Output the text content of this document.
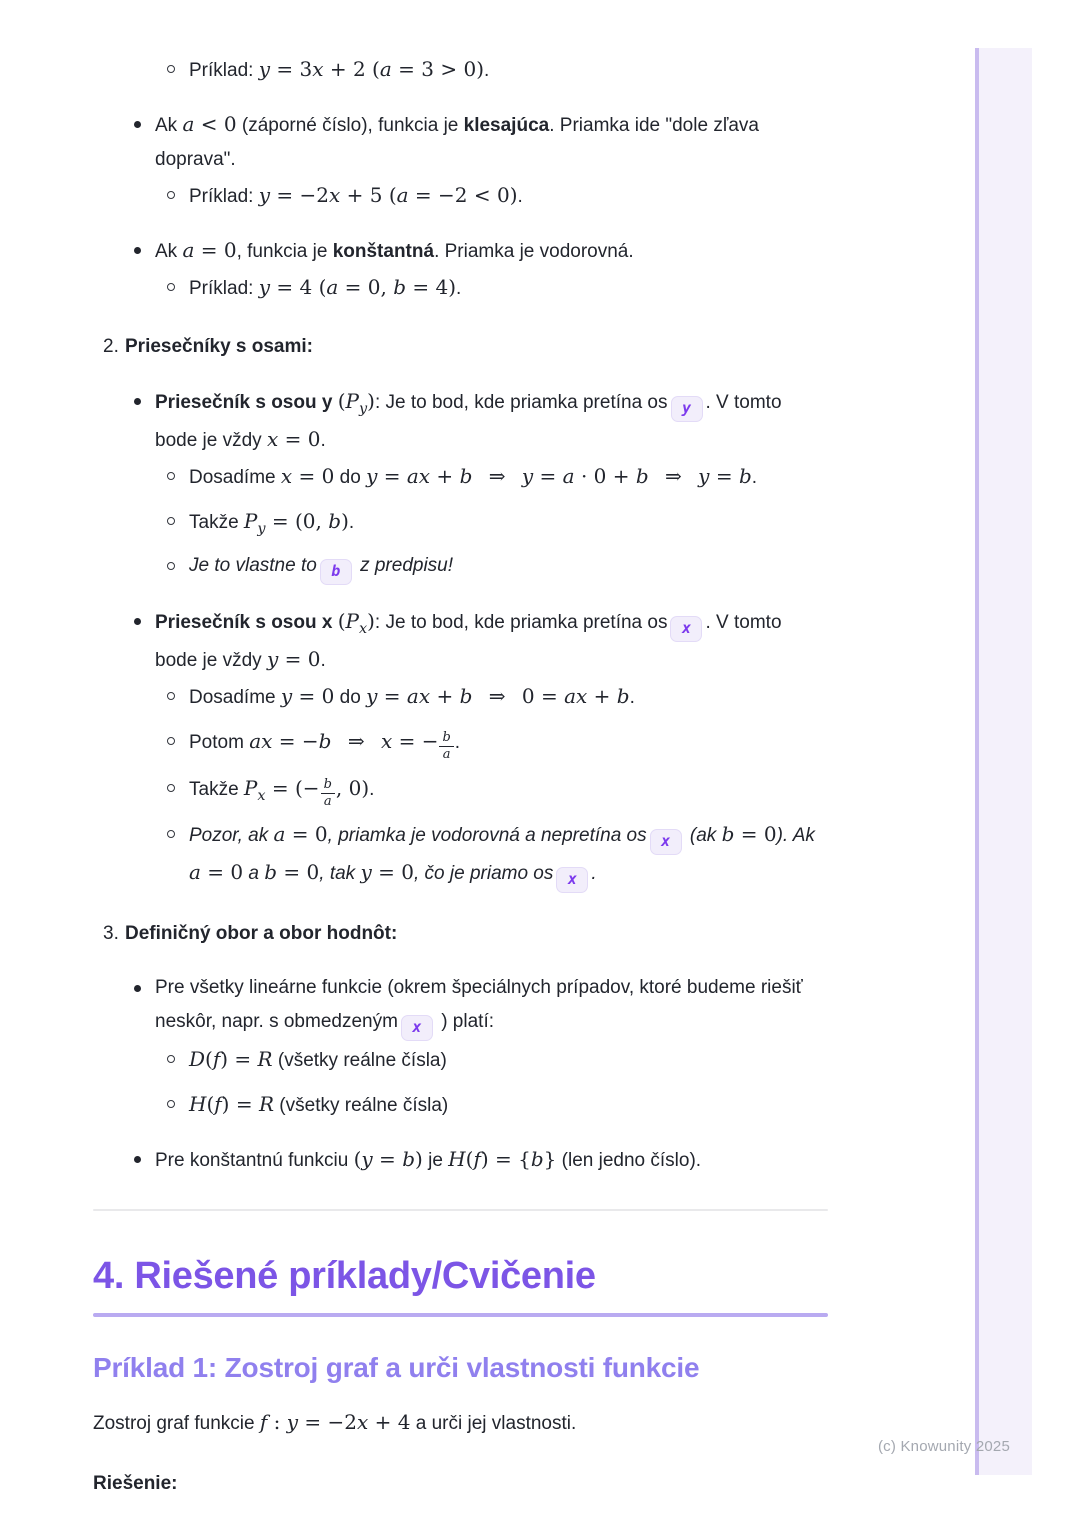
Príklad: y = 3x + 2 (a = 3 > 0).
Ak a < 0 (záporné číslo), funkcia je klesajúca. Priamka ide "dole zľava doprava".
Príklad: y = −2x + 5 (a = −2 < 0).
Ak a = 0, funkcia je konštantná. Priamka je vodorovná.
Príklad: y = 4 (a = 0, b = 4).
2. Priesečníky s osami:
Priesečník s osou y $(P_y)$: Je to bod, kde priamka pretína os y . V tomto bode je vždy x = 0.
Dosadíme x = 0 do y = ax + b  ⇒  y = a · 0 + b  ⇒  y = b.
Takže $P_y = (0$, b).
Je to vlastne to b z predpisu!
Priesečník s osou x $(P_x)$: Je to bod, kde priamka pretína os x . V tomto bode je vždy y = 0.
Dosadíme y = 0 do y = ax + b  ⇒  0 = ax + b.
Potom ax = −b  ⇒  x = − $\frac{b}{a}$ .
Takže $P_x$ = (− $\frac{b}{a}$ , 0).
Pozor, ak a = 0, priamka je vodorovná a nepretína os x (ak b = 0). Ak a = 0 a b = 0, tak y = 0, čo je priamo os x .
3. Definičný obor a obor hodnôt:
Pre všetky lineárne funkcie (okrem špeciálnych prípadov, ktoré budeme riešiť neskôr, napr. s obmedzeným x ) platí:
D(f) = R (všetky reálne čísla)
H(f) = R (všetky reálne čísla)
Pre konštantnú funkciu (y = b) je H(f) = {b} (len jedno číslo).
4. Riešené príklady/Cvičenie
Príklad 1: Zostroj graf a urči vlastnosti funkcie
Zostroj graf funkcie f : y = −2x + 4 a urči jej vlastnosti.
Riešenie:
(c) Knowunity 2025
